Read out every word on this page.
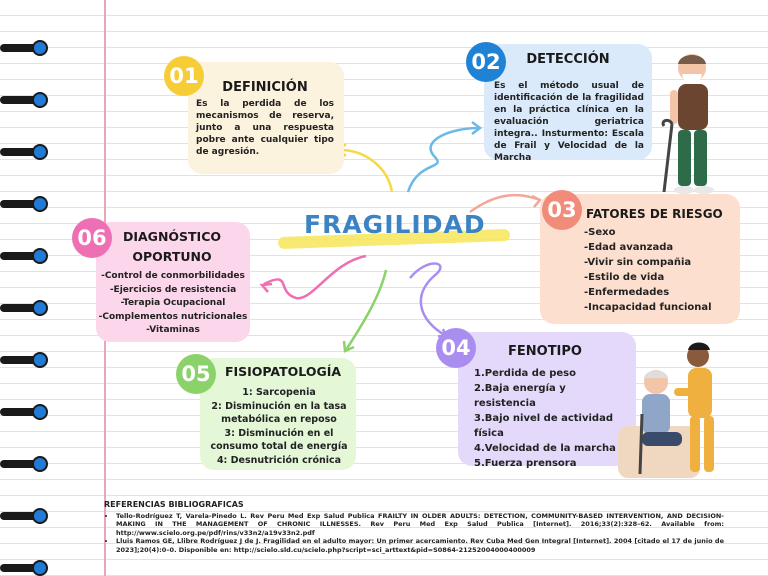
FRAGILIDAD
01	DEFINICIÓN
Es la perdida de los mecanismos de reserva, junto a una respuesta pobre ante cualquier tipo de agresión.
02	DETECCIÓN
Es el método usual de identificación de la fragilidad en la práctica clínica en la evaluación geriatrica integra.. Insturmento: Escala de Frail y Velocidad de la Marcha
03 FATORES DE RIESGO
-Sexo
-Edad avanzada
-Vivir sin compañia
-Estilo de vida
-Enfermedades
-Incapacidad funcional
04	FENOTIPO
1.Perdida de peso
2.Baja energía y resistencia
3.Bajo nivel de actividad física
4.Velocidad de la marcha
5.Fuerza prensora
05	FISIOPATOLOGÍA
1: Sarcopenia
2: Disminución en la tasa metabólica en reposo
3: Disminución en el consumo total de energía
4: Desnutrición crónica
06	DIAGNÓSTICO
OPORTUNO
-Control de conmorbilidades
-Ejercicios de resistencia
-Terapia Ocupacional
-Complementos nutricionales
-Vitaminas
REFERENCIAS BIBLIOGRAFICAS
• Tello-Rodríguez T, Varela-Pinedo L. Rev Peru Med Exp Salud Publica FRAILTY IN OLDER ADULTS: DETECTION, COMMUNITY-BASED INTERVENTION, AND DECISION-MAKING IN THE MANAGEMENT OF CHRONIC ILLNESSES. Rev Peru Med Exp Salud Publica [Internet]. 2016;33(2):328–62. Available from: http://www.scielo.org.pe/pdf/rins/v33n2/a19v33n2.pdf
• Lluis Ramos GE, Llibre Rodríguez J de J. Fragilidad en el adulto mayor: Un primer acercamiento. Rev Cuba Med Gen Integral [Internet]. 2004 [citado el 17 de junio de 2023];20(4):0–0. Disponible en: http://scielo.sld.cu/scielo.php?script=sci_arttext&pid=S0864-21252004000400009
